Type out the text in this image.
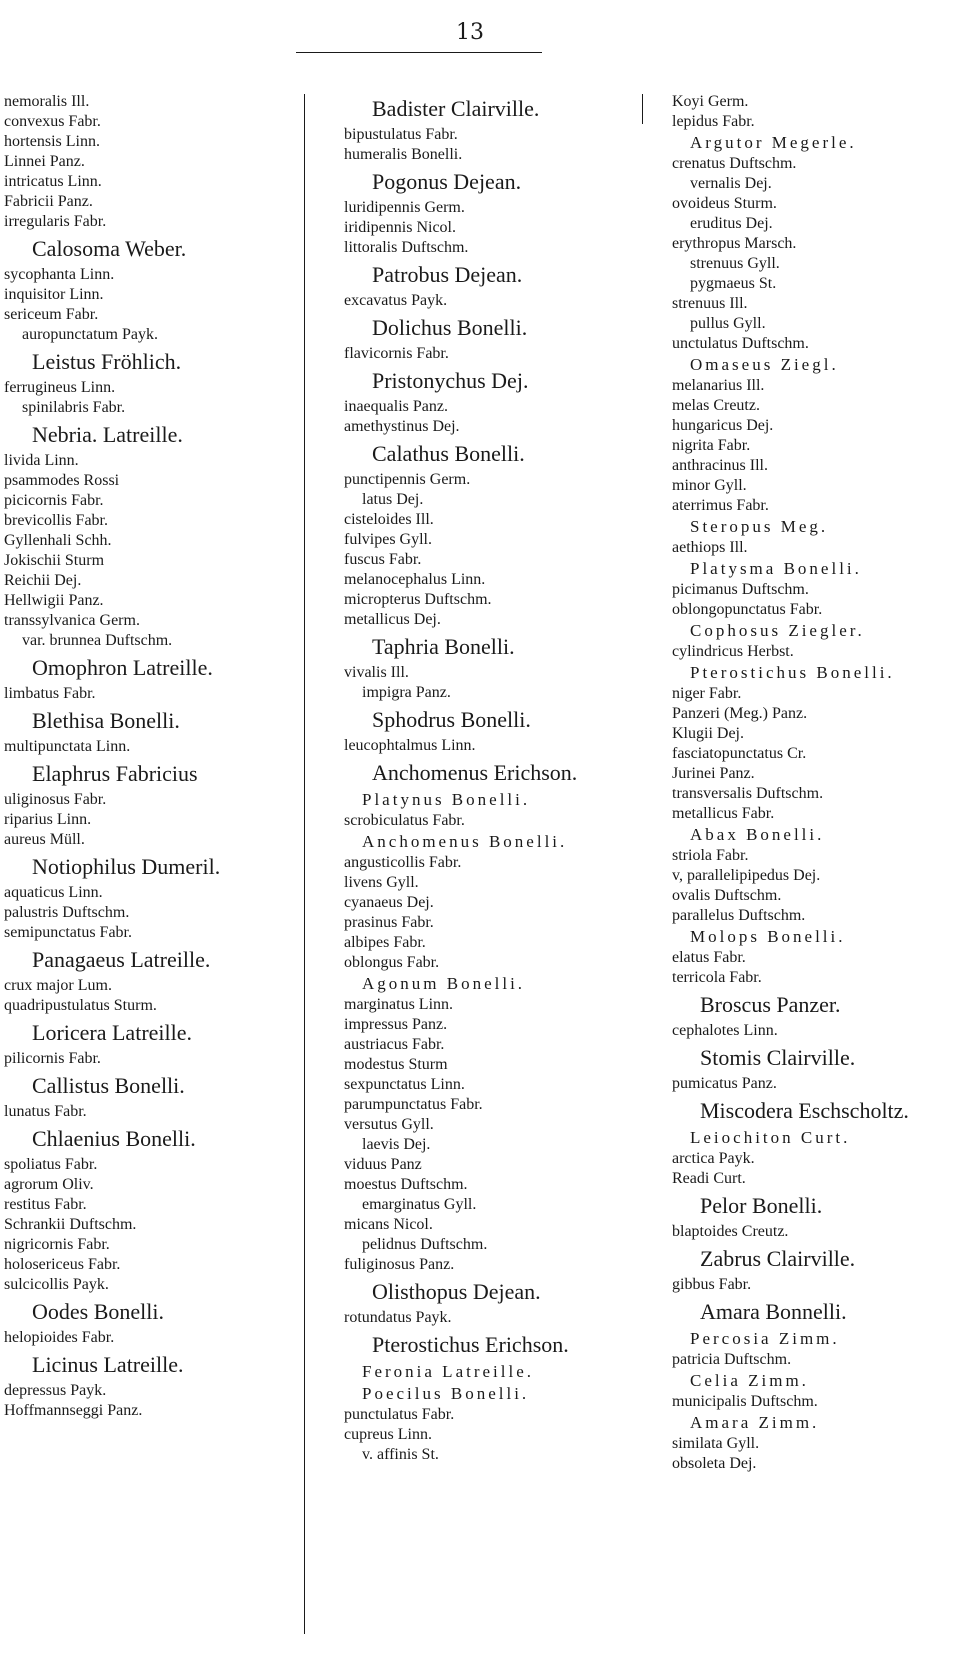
13
nemoralis Ill.
convexus Fabr.
hortensis Linn.
Linnei Panz.
intricatus Linn.
Fabricii Panz.
irregularis Fabr.
Calosoma Weber.
sycophanta Linn.
inquisitor Linn.
sericeum Fabr.
auropunctatum Payk.
Leistus Fröhlich.
ferrugineus Linn.
spinilabris Fabr.
Nebria. Latreille.
livida Linn.
psammodes Rossi
picicornis Fabr.
brevicollis Fabr.
Gyllenhali Schh.
Jokischii Sturm
Reichii Dej.
Hellwigii Panz.
transsylvanica Germ.
var. brunnea Duftschm.
Omophron Latreille.
limbatus Fabr.
Blethisa Bonelli.
multipunctata Linn.
Elaphrus Fabricius
uliginosus Fabr.
riparius Linn.
aureus Müll.
Notiophilus Dumeril.
aquaticus Linn.
palustris Duftschm.
semipunctatus Fabr.
Panagaeus Latreille.
crux major Lum.
quadripustulatus Sturm.
Loricera Latreille.
pilicornis Fabr.
Callistus Bonelli.
lunatus Fabr.
Chlaenius Bonelli.
spoliatus Fabr.
agrorum Oliv.
restitus Fabr.
Schrankii Duftschm.
nigricornis Fabr.
holosericeus Fabr.
sulcicollis Payk.
Oodes Bonelli.
helopioides Fabr.
Licinus Latreille.
depressus Payk.
Hoffmannseggi Panz.
Badister Clairville.
bipustulatus Fabr.
humeralis Bonelli.
Pogonus Dejean.
luridipennis Germ.
iridipennis Nicol.
littoralis Duftschm.
Patrobus Dejean.
excavatus Payk.
Dolichus Bonelli.
flavicornis Fabr.
Pristonychus Dej.
inaequalis Panz.
amethystinus Dej.
Calathus Bonelli.
punctipennis Germ.
latus Dej.
cisteloides Ill.
fulvipes Gyll.
fuscus Fabr.
melanocephalus Linn.
micropterus Duftschm.
metallicus Dej.
Taphria Bonelli.
vivalis Ill.
impigra Panz.
Sphodrus Bonelli.
leucophtalmus Linn.
Anchomenus Erichson.
Platynus Bonelli.
scrobiculatus Fabr.
Anchomenus Bonelli.
angusticollis Fabr.
livens Gyll.
cyanaeus Dej.
prasinus Fabr.
albipes Fabr.
oblongus Fabr.
Agonum Bonelli.
marginatus Linn.
impressus Panz.
austriacus Fabr.
modestus Sturm
sexpunctatus Linn.
parumpunctatus Fabr.
versutus Gyll.
laevis Dej.
viduus Panz
moestus Duftschm.
emarginatus Gyll.
micans Nicol.
pelidnus Duftschm.
fuliginosus Panz.
Olisthopus Dejean.
rotundatus Payk.
Pterostichus Erichson.
Feronia Latreille.
Poecilus Bonelli.
punctulatus Fabr.
cupreus Linn.
v. affinis St.
Koyi Germ.
lepidus Fabr.
Argutor Megerle.
crenatus Duftschm.
vernalis Dej.
ovoideus Sturm.
eruditus Dej.
erythropus Marsch.
strenuus Gyll.
pygmaeus St.
strenuus Ill.
pullus Gyll.
unctulatus Duftschm.
Omaseus Ziegl.
melanarius Ill.
melas Creutz.
hungaricus Dej.
nigrita Fabr.
anthracinus Ill.
minor Gyll.
aterrimus Fabr.
Steropus Meg.
aethiops Ill.
Platysma Bonelli.
picimanus Duftschm.
oblongopunctatus Fabr.
Cophosus Ziegler.
cylindricus Herbst.
Pterostichus Bonelli.
niger Fabr.
Panzeri (Meg.) Panz.
Klugii Dej.
fasciatopunctatus Cr.
Jurinei Panz.
transversalis Duftschm.
metallicus Fabr.
Abax Bonelli.
striola Fabr.
v, parallelipipedus Dej.
ovalis Duftschm.
parallelus Duftschm.
Molops Bonelli.
elatus Fabr.
terricola Fabr.
Broscus Panzer.
cephalotes Linn.
Stomis Clairville.
pumicatus Panz.
Miscodera Eschscholtz.
Leiochiton Curt.
arctica Payk.
Readi Curt.
Pelor Bonelli.
blaptoides Creutz.
Zabrus Clairville.
gibbus Fabr.
Amara Bonnelli.
Percosia Zimm.
patricia Duftschm.
Celia Zimm.
municipalis Duftschm.
Amara Zimm.
similata Gyll.
obsoleta Dej.
